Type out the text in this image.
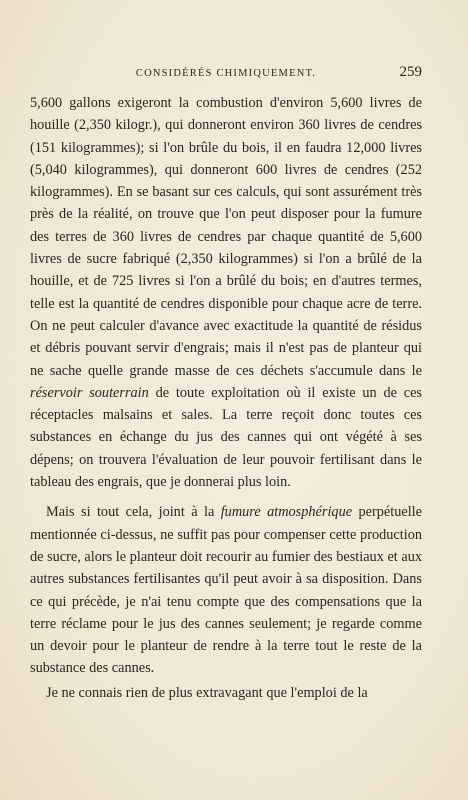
CONSIDÉRÉS CHIMIQUEMENT.	259

5,600 gallons exigeront la combustion d'environ 5,600 livres de houille (2,350 kilogr.), qui donneront environ 360 livres de cendres (151 kilogrammes); si l'on brûle du bois, il en faudra 12,000 livres (5,040 kilogrammes), qui donneront 600 livres de cendres (252 kilogrammes). En se basant sur ces calculs, qui sont assurément très près de la réalité, on trouve que l'on peut disposer pour la fumure des terres de 360 livres de cendres par chaque quantité de 5,600 livres de sucre fabriqué (2,350 kilogrammes) si l'on a brûlé de la houille, et de 725 livres si l'on a brûlé du bois; en d'autres termes, telle est la quantité de cendres disponible pour chaque acre de terre. On ne peut calculer d'avance avec exactitude la quantité de résidus et débris pouvant servir d'engrais; mais il n'est pas de planteur qui ne sache quelle grande masse de ces déchets s'accumule dans le réservoir souterrain de toute exploitation où il existe un de ces réceptacles malsains et sales. La terre reçoit donc toutes ces substances en échange du jus des cannes qui ont végété à ses dépens; on trouvera l'évaluation de leur pouvoir fertilisant dans le tableau des engrais, que je donnerai plus loin.

Mais si tout cela, joint à la fumure atmosphérique perpétuelle mentionnée ci-dessus, ne suffit pas pour compenser cette production de sucre, alors le planteur doit recourir au fumier des bestiaux et aux autres substances fertilisantes qu'il peut avoir à sa disposition. Dans ce qui précède, je n'ai tenu compte que des compensations que la terre réclame pour le jus des cannes seulement; je regarde comme un devoir pour le planteur de rendre à la terre tout le reste de la substance des cannes.

Je ne connais rien de plus extravagant que l'emploi de la
